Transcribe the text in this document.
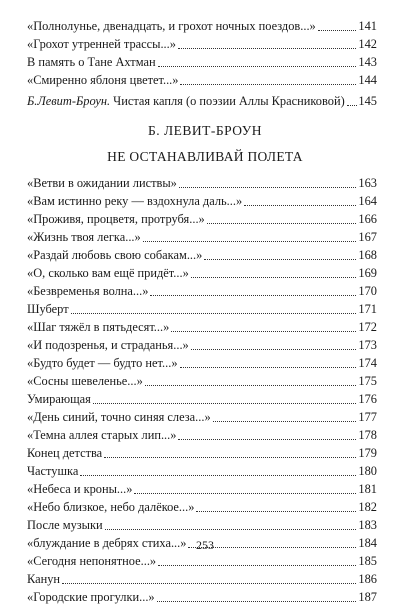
«Полнолунье, двенадцать, и грохот ночных поездов...»	141
«Грохот утренней трассы...»	142
В память о Тане Ахтман	143
«Смиренно яблоня цветет...»	144
Б.Левит-Броун. Чистая капля (о поэзии Аллы Красниковой) 145
Б. ЛЕВИТ-БРОУН
НЕ ОСТАНАВЛИВАЙ ПОЛЕТА
«Ветви в ожидании листвы»	163
«Вам истинно реку — вздохнула даль...»	164
«Проживя, процветя, протрубя...»	166
«Жизнь твоя легка...»	167
«Раздай любовь свою собакам...»	168
«О, сколько вам ещё придёт...»	169
«Безвременья волна...»	170
Шуберт	171
«Шаг тяжёл в пятьдесят...»	172
«И подозренья, и страданья...»	173
«Будто будет — будто нет...»	174
«Сосны шевеленье...»	175
Умирающая	176
«День синий, точно синяя слеза...»	177
«Темна аллея старых лип...»	178
Конец детства	179
Частушка	180
«Небеса и кроны...»	181
«Небо близкое, небо далёкое...»	182
После музыки	183
«блуждание в дебрях стиха...»	184
«Сегодня непонятное...»	185
Канун	186
«Городские прогулки...»	187
253
